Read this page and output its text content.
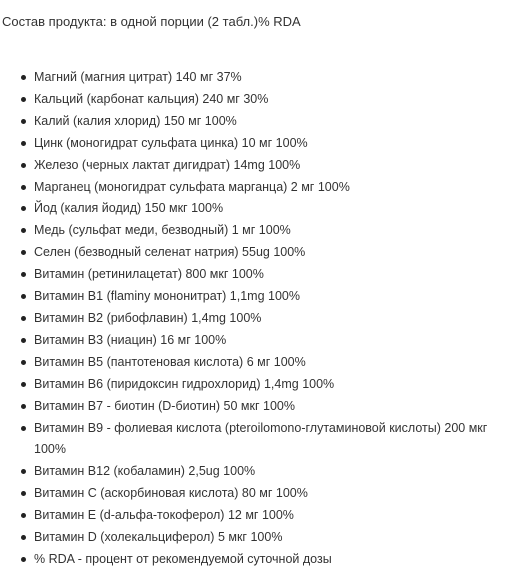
Состав продукта: в одной порции (2 табл.)% RDA
Магний (магния цитрат) 140 мг 37%
Кальций (карбонат кальция) 240 мг 30%
Калий (калия хлорид) 150 мг 100%
Цинк (моногидрат сульфата цинка) 10 мг 100%
Железо (черных лактат дигидрат) 14mg 100%
Марганец (моногидрат сульфата марганца) 2 мг 100%
Йод (калия йодид) 150 мкг 100%
Медь (сульфат меди, безводный) 1 мг 100%
Селен (безводный селенат натрия) 55ug 100%
Витамин (ретинилацетат) 800 мкг 100%
Витамин В1 (flaminy мононитрат) 1,1mg 100%
Витамин В2 (рибофлавин) 1,4mg 100%
Витамин В3 (ниацин) 16 мг 100%
Витамин В5 (пантотеновая кислота) 6 мг 100%
Витамин В6 (пиридоксин гидрохлорид) 1,4mg 100%
Витамин В7 - биотин (D-биотин) 50 мкг 100%
Витамин В9 - фолиевая кислота (pteroilomono-глутаминовой кислоты) 200 мкг 100%
Витамин В12 (кобаламин) 2,5ug 100%
Витамин С (аскорбиновая кислота) 80 мг 100%
Витамин Е (d-альфа-токоферол) 12 мг 100%
Витамин D (холекальциферол) 5 мкг 100%
% RDA - процент от рекомендуемой суточной дозы
